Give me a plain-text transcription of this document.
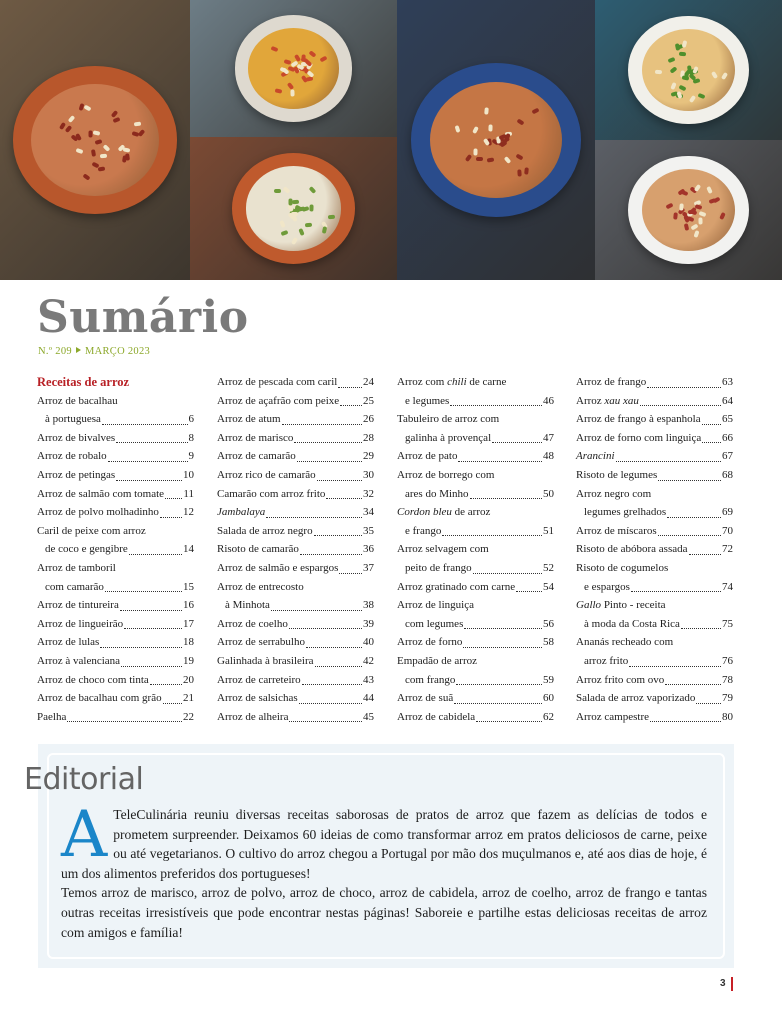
Sumário
N.º 209 MARÇO 2023
Receitas de arroz
Arroz de bacalhau
à portuguesa	6
Arroz de bivalves	8
Arroz de robalo	9
Arroz de petingas	10
Arroz de salmão com tomate 11
Arroz de polvo molhadinho 12
Caril de peixe com arroz
de coco e gengibre	14
Arroz de tamboril
com camarão	15
Arroz de tintureira	16
Arroz de lingueirão	17
Arroz de lulas	18
Arroz à valenciana	19
Arroz de choco com tinta	20
Arroz de bacalhau com grão 21
Paelha	22
Arroz de pescada com caril 24
Arroz de açafrão com peixe 25
Arroz de atum	26
Arroz de marisco	28
Arroz de camarão	29
Arroz rico de camarão	30
Camarão com arroz frito	32
Jambalaya	34
Salada de arroz negro	35
Risoto de camarão	36
Arroz de salmão e espargos 37
Arroz de entrecosto
à Minhota	38
Arroz de coelho	39
Arroz de serrabulho	40
Galinhada à brasileira	42
Arroz de carreteiro	43
Arroz de salsichas	44
Arroz de alheira	45
Arroz com chili de carne
e legumes	46
Tabuleiro de arroz com
galinha à provençal	47
Arroz de pato	48
Arroz de borrego com
ares do Minho	50
Cordon bleu de arroz
e frango	51
Arroz selvagem com
peito de frango	52
Arroz gratinado com carne	54
Arroz de linguiça
com legumes	56
Arroz de forno	58
Empadão de arroz
com frango	59
Arroz de suã	60
Arroz de cabidela	62
Arroz de frango	63
Arroz xau xau	64
Arroz de frango à espanhola 65
Arroz de forno com linguiça 66
Arancini	67
Risoto de legumes	68
Arroz negro com
legumes grelhados	69
Arroz de míscaros	70
Risoto de abóbora assada	72
Risoto de cogumelos
e espargos	74
Gallo Pinto - receita
à moda da Costa Rica	75
Ananás recheado com
arroz frito	76
Arroz frito com ovo	78
Salada de arroz vaporizado 79
Arroz campestre	80
Editorial
A TeleCulinária reuniu diversas receitas saborosas de pratos de arroz que fazem as delícias de todos e prometem surpreender. Deixamos 60 ideias de como transformar arroz em pratos deliciosos de carne, peixe ou até vegetarianos. O cultivo do arroz chegou a Portugal por mão dos muçulmanos e, até aos dias de hoje, é um dos alimentos preferidos dos portugueses!

Temos arroz de marisco, arroz de polvo, arroz de choco, arroz de cabidela, arroz de coelho, arroz de frango e tantas outras receitas irresistíveis que pode encontrar nestas páginas! Saboreie e partilhe estas deliciosas receitas de arroz com amigos e família!

3
